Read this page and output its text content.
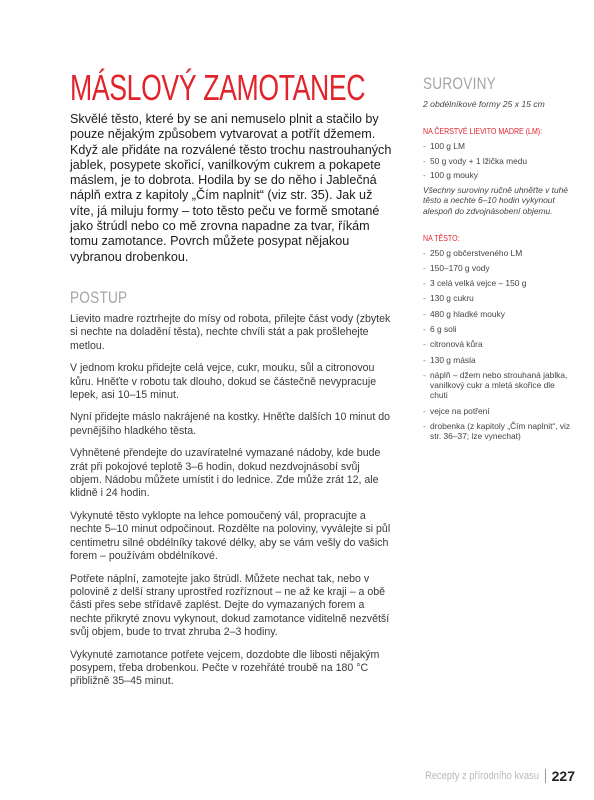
MÁSLOVÝ ZAMOTANEC
Skvělé těsto, které by se ani nemuselo plnit a stačilo by pouze nějakým způsobem vytvarovat a potřít džemem. Když ale přidáte na rozválené těsto trochu nastrouhaných jablek, posypete skořicí, vanilkovým cukrem a pokapete máslem, je to dobrota. Hodila by se do něho i Jablečná náplň extra z kapitoly „Čím naplnit“ (viz str. 35). Jak už víte, já miluju formy – toto těsto peču ve formě smotané jako štrúdl nebo co mě zrovna napadne za tvar, říkám tomu zamotance. Povrch můžete posypat nějakou vybranou drobenkou.
POSTUP

Lievito madre roztrhejte do mísy od robota, přilejte část vody (zbytek si nechte na doladění těsta), nechte chvíli stát a pak prošlehejte metlou.

V jednom kroku přidejte celá vejce, cukr, mouku, sůl a citronovou kůru. Hněťte v robotu tak dlouho, dokud se částečně nevypracuje lepek, asi 10–15 minut.

Nyní přidejte máslo nakrájené na kostky. Hněťte dalších 10 minut do pevnějšího hladkého těsta.

Vyhnětené přendejte do uzavíratelné vymazané nádoby, kde bude zrát při pokojové teplotě 3–6 hodin, dokud nezdvojnásobí svůj objem. Nádobu můžete umístit i do lednice. Zde může zrát 12, ale klidně i 24 hodin.

Vykynuté těsto vyklopte na lehce pomoučený vál, propracujte a nechte 5–10 minut odpočinout. Rozdělte na poloviny, vyválejte si půl centimetru silné obdélníky takové délky, aby se vám vešly do vašich forem – používám obdélníkové.

Potřete náplní, zamotejte jako štrúdl. Můžete nechat tak, nebo v polovině z delší strany uprostřed rozříznout – ne až ke kraji – a obě části přes sebe střídavě zaplést. Dejte do vymazaných forem a nechte přikryté znovu vykynout, dokud zamotance viditelně nezvětší svůj objem, bude to trvat zhruba 2–3 hodiny.

Vykynuté zamotance potřete vejcem, dozdobte dle libosti nějakým posypem, třeba drobenkou. Pečte v rozehřáté troubě na 180 °C přibližně 35–45 minut.

SUROVINY

2 obdélníkové formy 25 x 15 cm

NA ČERSTVÉ LIEVITO MADRE (LM):
- 100 g LM
- 50 g vody + 1 lžička medu
- 100 g mouky

Všechny suroviny ručně uhněťte v tuhé těsto a nechte 6–10 hodin vykynout alespoň do zdvojnásobení objemu.

NA TĚSTO:
- 250 g občerstveného LM
- 150–170 g vody
- 3 celá velká vejce – 150 g
- 130 g cukru
- 480 g hladké mouky
- 6 g soli
- citronová kůra
- 130 g másla
- náplň – džem nebo strouhaná jablka, vanilkový cukr a mletá skořice dle chuti
- vejce na potření
- drobenka (z kapitoly „Čím naplnit“, viz str. 36–37; lze vynechat)
Recepty z přírodního kvasu 227
